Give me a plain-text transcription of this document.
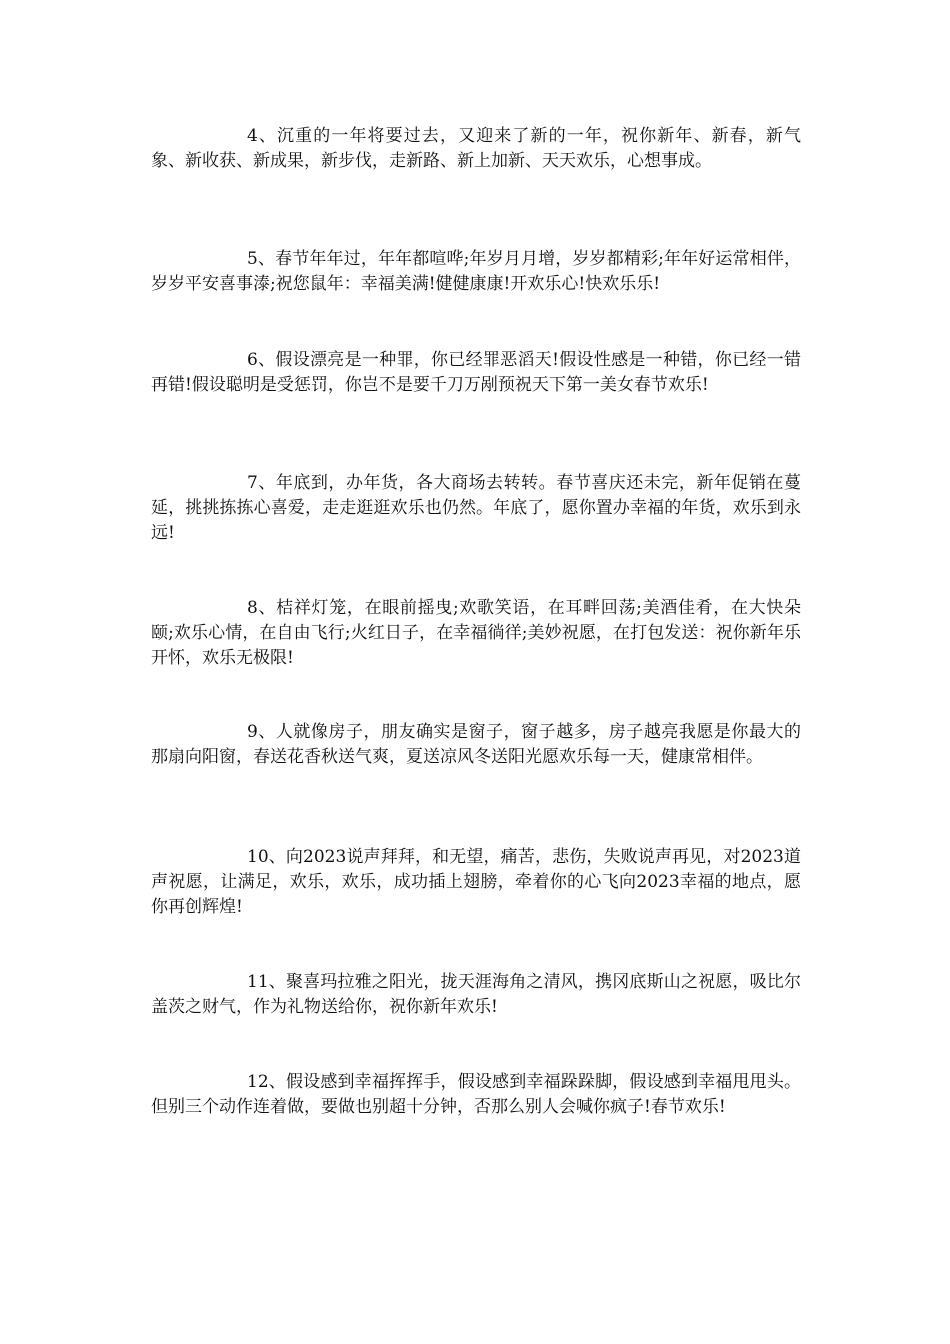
4、沉重的一年将要过去，又迎来了新的一年，祝你新年、新春，新气象、新收获、新成果，新步伐，走新路、新上加新、天天欢乐，心想事成。

5、春节年年过，年年都喧哗;年岁月月增，岁岁都精彩;年年好运常相伴，岁岁平安喜事溙;祝您鼠年：幸福美满!健健康康!开欢乐心!快欢乐乐!

6、假设漂亮是一种罪，你已经罪恶滔天!假设性感是一种错，你已经一错再错!假设聪明是受惩罚，你岂不是要千刀万剐预祝天下第一美女春节欢乐!

7、年底到，办年货，各大商场去转转。春节喜庆还未完，新年促销在蔓延，挑挑拣拣心喜爱，走走逛逛欢乐也仍然。年底了，愿你置办幸福的年货，欢乐到永远!

8、桔祥灯笼，在眼前摇曳;欢歌笑语，在耳畔回荡;美酒佳肴，在大快朵颐;欢乐心情，在自由飞行;火红日子，在幸福徜徉;美妙祝愿，在打包发送：祝你新年乐开怀，欢乐无极限!

9、人就像房子，朋友确实是窗子，窗子越多，房子越亮我愿是你最大的那扇向阳窗，春送花香秋送气爽，夏送凉风冬送阳光愿欢乐每一天，健康常相伴。

10、向2023说声拜拜，和无望，痛苦，悲伤，失败说声再见，对2023道声祝愿，让满足，欢乐，欢乐，成功插上翅膀，牵着你的心飞向2023幸福的地点，愿你再创辉煌!

11、聚喜玛拉雅之阳光，拢天涯海角之清风，携冈底斯山之祝愿，吸比尔盖茨之财气，作为礼物送给你，祝你新年欢乐!

12、假设感到幸福挥挥手，假设感到幸福跺跺脚，假设感到幸福甩甩头。但别三个动作连着做，要做也别超十分钟，否那么别人会喊你疯子!春节欢乐!
